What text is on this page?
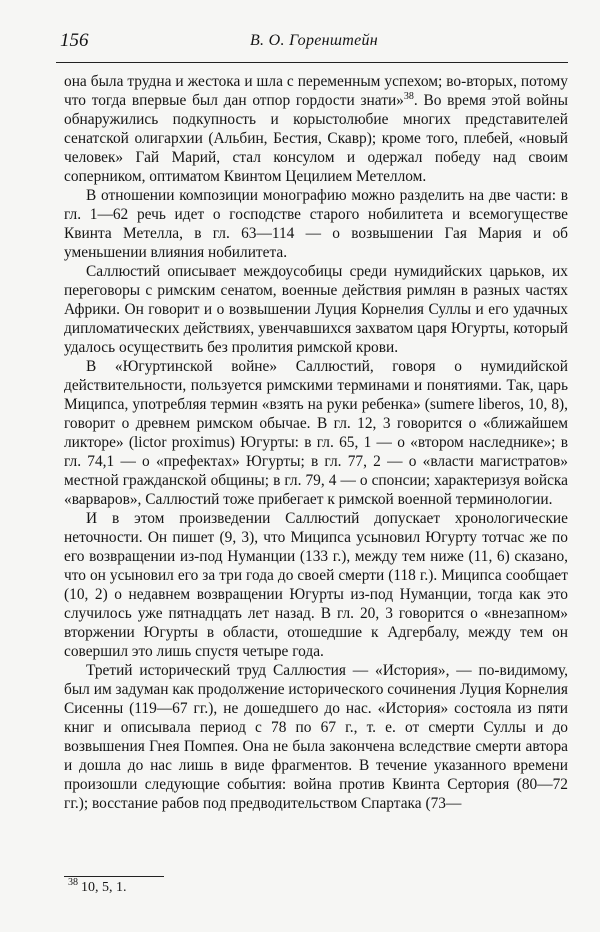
156	В. О. Горенштейн

она была трудна и жестока и шла с переменным успехом; во-вторых, потому что тогда впервые был дан отпор гордости знати»$^{38}$. Во время этой войны обнаружились подкупность и корыстолюбие многих представителей сенатской олигархии (Альбин, Бестия, Скавр); кроме того, плебей, «новый человек» Гай Марий, стал консулом и одержал победу над своим соперником, оптиматом Квинтом Цецилием Метеллом.

В отношении композиции монографию можно разделить на две части: в гл. 1—62 речь идет о господстве старого нобилитета и всемогуществе Квинта Метелла, в гл. 63—114 — о возвышении Гая Мария и об уменьшении влияния нобилитета.

Саллюстий описывает междоусобицы среди нумидийских царьков, их переговоры с римским сенатом, военные действия римлян в разных частях Африки. Он говорит и о возвышении Луция Корнелия Суллы и его удачных дипломатических действиях, увенчавшихся захватом царя Югурты, который удалось осуществить без пролития римской крови.

В «Югуртинской войне» Саллюстий, говоря о нумидийской действительности, пользуется римскими терминами и понятиями. Так, царь Миципса, употребляя термин «взять на руки ребенка» (sumere liberos, 10, 8), говорит о древнем римском обычае. В гл. 12, 3 говорится о «ближайшем ликторе» (lictor proximus) Югурты: в гл. 65, 1 — о «втором наследнике»; в гл. 74,1 — о «префектах» Югурты; в гл. 77, 2 — о «власти магистратов» местной гражданской общины; в гл. 79, 4 — о спонсии; характеризуя войска «варваров», Саллюстий тоже прибегает к римской военной терминологии.

И в этом произведении Саллюстий допускает хронологические неточности. Он пишет (9, 3), что Миципса усыновил Югурту тотчас же по его возвращении из-под Нуманции (133 г.), между тем ниже (11, 6) сказано, что он усыновил его за три года до своей смерти (118 г.). Миципса сообщает (10, 2) о недавнем возвращении Югурты из-под Нуманции, тогда как это случилось уже пятнадцать лет назад. В гл. 20, 3 говорится о «внезапном» вторжении Югурты в области, отошедшие к Адгербалу, между тем он совершил это лишь спустя четыре года.

Третий исторический труд Саллюстия — «История», — по-видимому, был им задуман как продолжение исторического сочинения Луция Корнелия Сисенны (119—67 гг.), не дошедшего до нас. «История» состояла из пяти книг и описывала период с 78 по 67 г., т. е. от смерти Суллы и до возвышения Гнея Помпея. Она не была закончена вследствие смерти автора и дошла до нас лишь в виде фрагментов. В течение указанного времени произошли следующие события: война против Квинта Сертория (80—72 гг.); восстание рабов под предводительством Спартака (73—

$^{38}$ 10, 5, 1.
